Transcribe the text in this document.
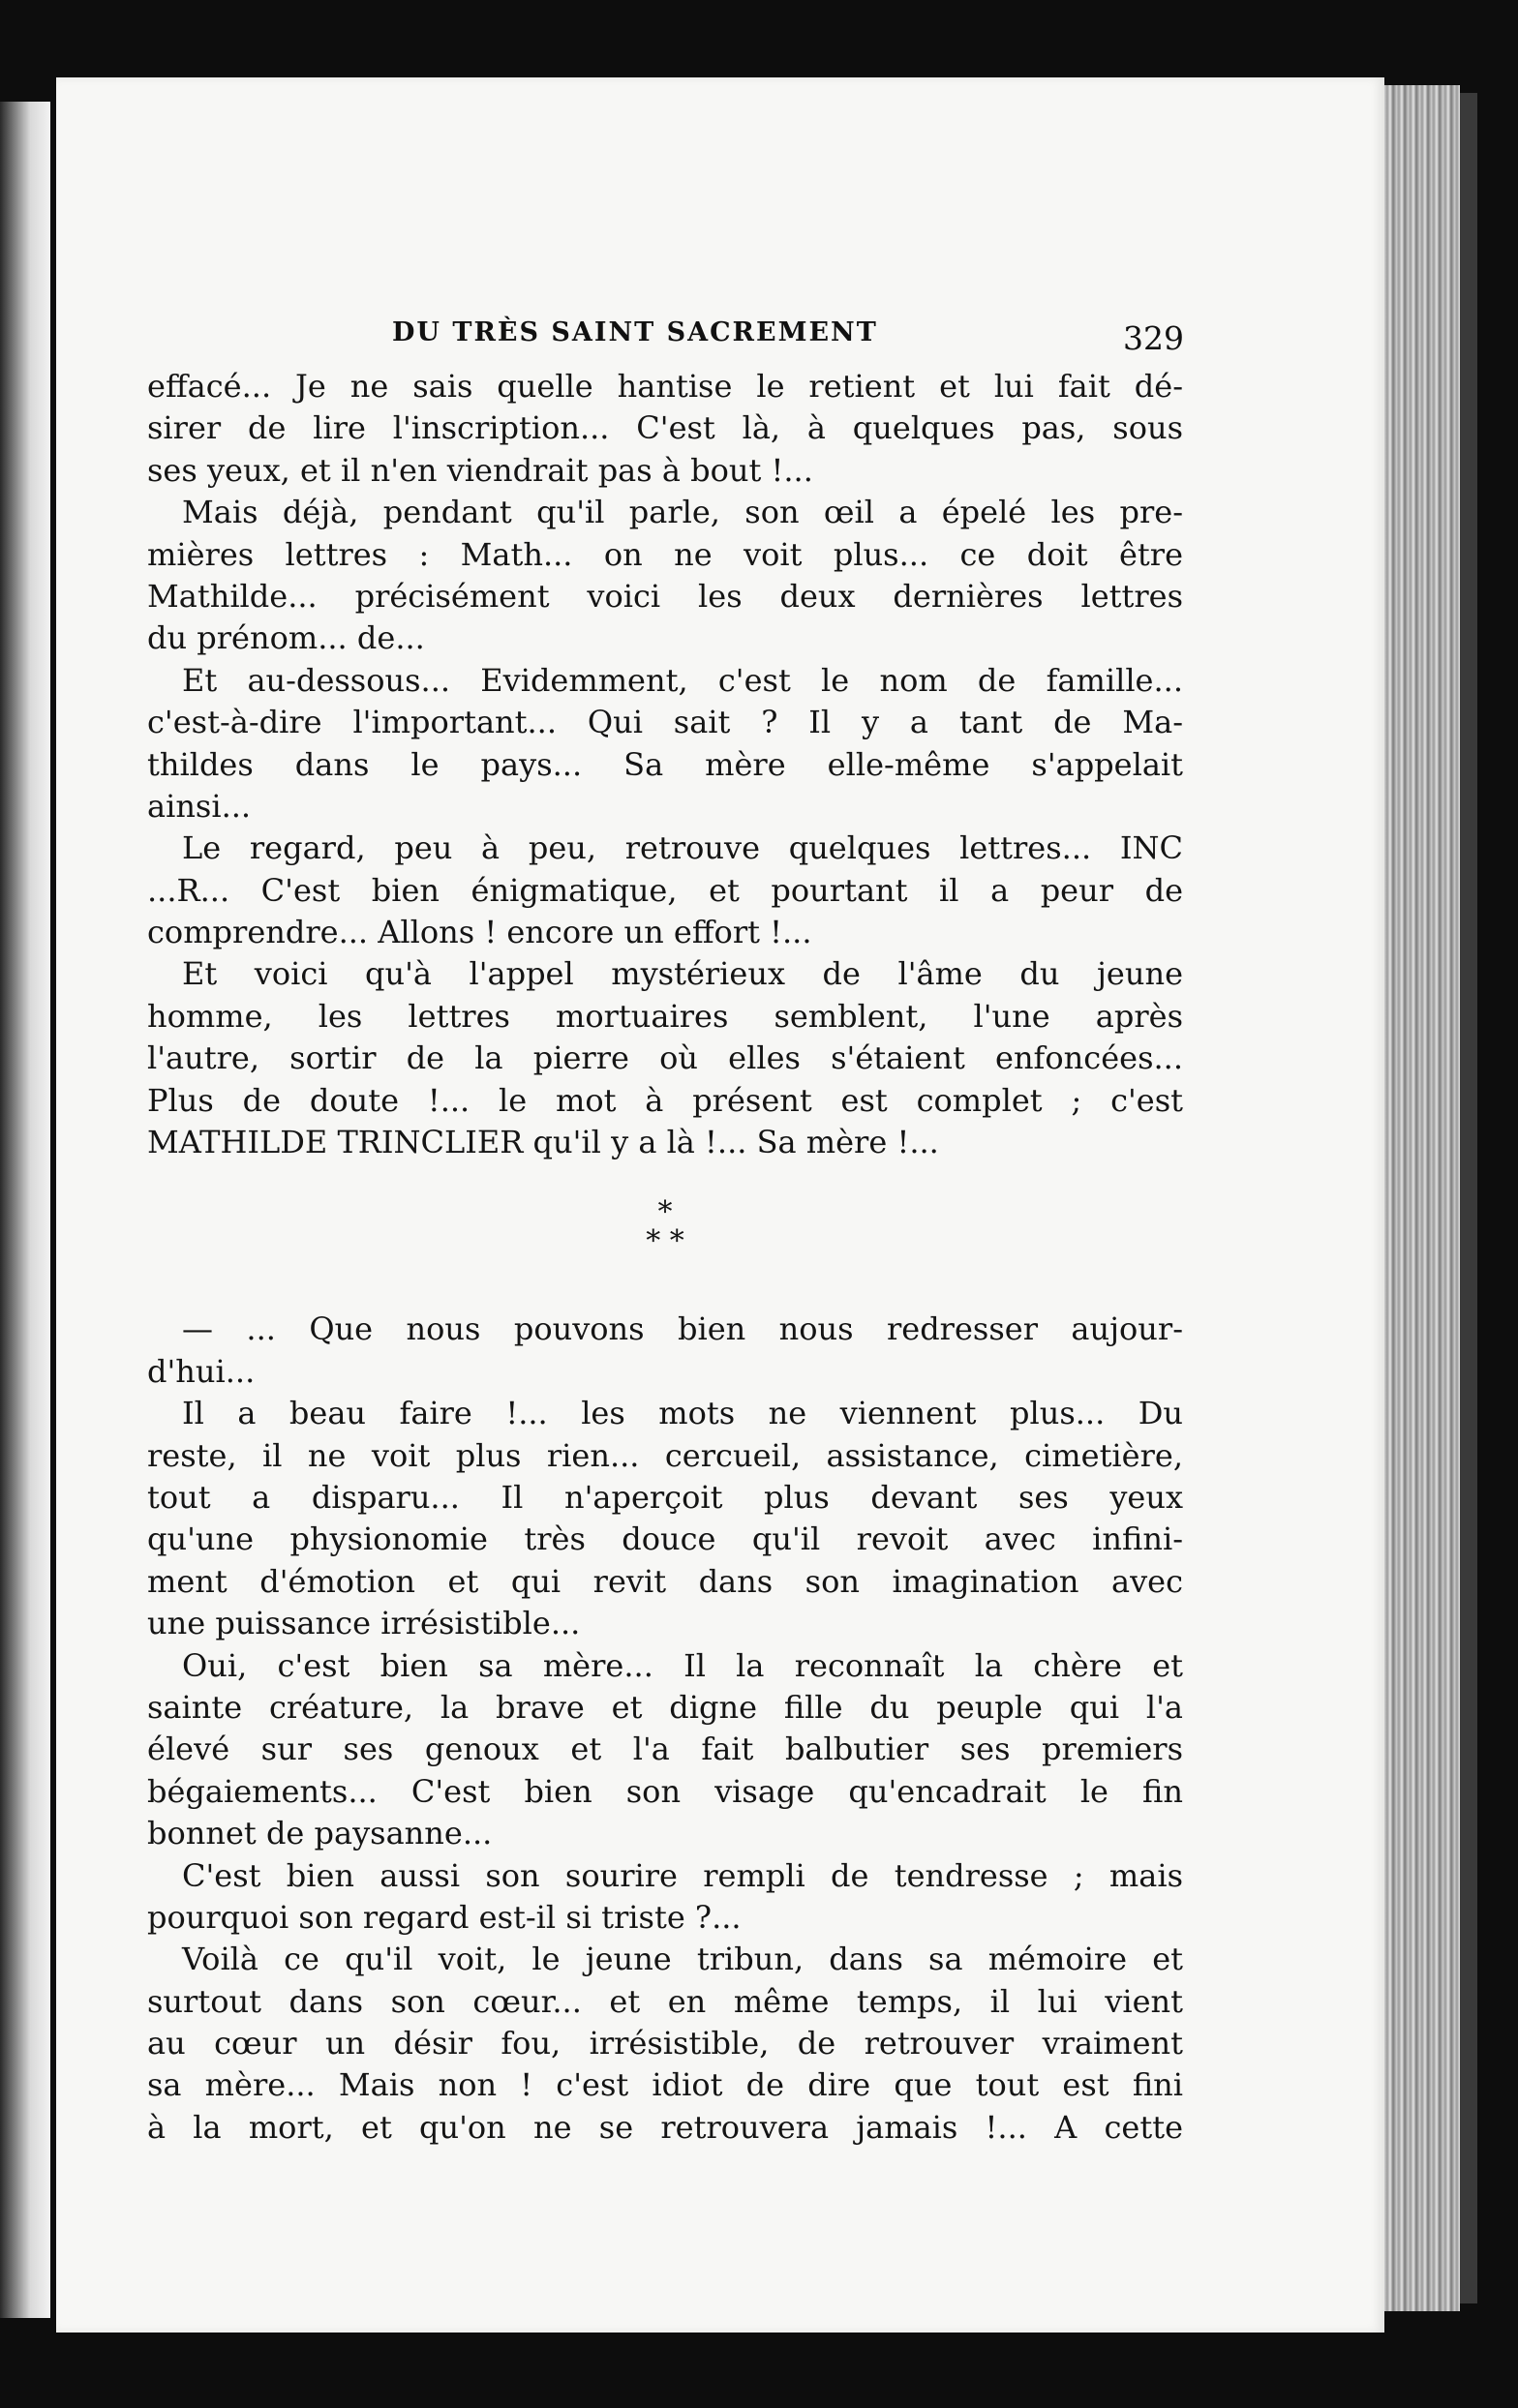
DU TRÈS SAINT SACREMENT	329
effacé... Je ne sais quelle hantise le retient et lui fait dé-
sirer de lire l'inscription... C'est là, à quelques pas, sous
ses yeux, et il n'en viendrait pas à bout !...
Mais déjà, pendant qu'il parle, son œil a épelé les pre-
mières lettres : Math... on ne voit plus... ce doit être
Mathilde... précisément voici les deux dernières lettres
du prénom... de...
Et au-dessous... Evidemment, c'est le nom de famille...
c'est-à-dire l'important... Qui sait ? Il y a tant de Ma-
thildes dans le pays... Sa mère elle-même s'appelait
ainsi...
Le regard, peu à peu, retrouve quelques lettres... INC
...R... C'est bien énigmatique, et pourtant il a peur de
comprendre... Allons ! encore un effort !...
Et voici qu'à l'appel mystérieux de l'âme du jeune
homme, les lettres mortuaires semblent, l'une après
l'autre, sortir de la pierre où elles s'étaient enfoncées...
Plus de doute !... le mot à présent est complet ; c'est
MATHILDE TRINCLIER qu'il y a là !... Sa mère !...
*
* *
— ... Que nous pouvons bien nous redresser aujour-
d'hui...
Il a beau faire !... les mots ne viennent plus... Du
reste, il ne voit plus rien... cercueil, assistance, cimetière,
tout a disparu... Il n'aperçoit plus devant ses yeux
qu'une physionomie très douce qu'il revoit avec infini-
ment d'émotion et qui revit dans son imagination avec
une puissance irrésistible...
Oui, c'est bien sa mère... Il la reconnaît la chère et
sainte créature, la brave et digne fille du peuple qui l'a
élevé sur ses genoux et l'a fait balbutier ses premiers
bégaiements... C'est bien son visage qu'encadrait le fin
bonnet de paysanne...
C'est bien aussi son sourire rempli de tendresse ; mais
pourquoi son regard est-il si triste ?...
Voilà ce qu'il voit, le jeune tribun, dans sa mémoire et
surtout dans son cœur... et en même temps, il lui vient
au cœur un désir fou, irrésistible, de retrouver vraiment
sa mère... Mais non ! c'est idiot de dire que tout est fini
à la mort, et qu'on ne se retrouvera jamais !... A cette
